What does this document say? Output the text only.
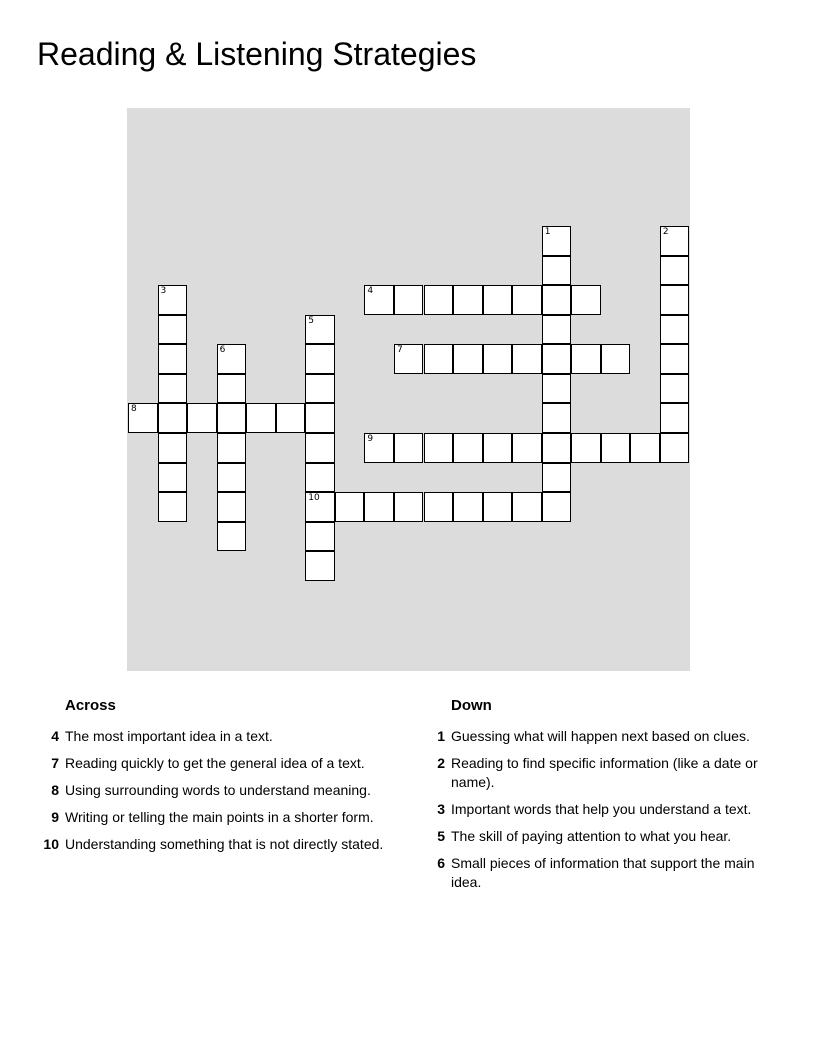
Reading & Listening Strategies
1	2
3	4
5
10
6	7
8
9
Across	Down
4 The most important idea in a text.
7 Reading quickly to get the general idea of a text.
8 Using surrounding words to understand meaning.
9 Writing or telling the main points in a shorter form.
10 Understanding something that is not directly stated.
1 Guessing what will happen next based on clues.
2 Reading to find specific information (like a date or name).
3 Important words that help you understand a text.
5 The skill of paying attention to what you hear.
6 Small pieces of information that support the main idea.
